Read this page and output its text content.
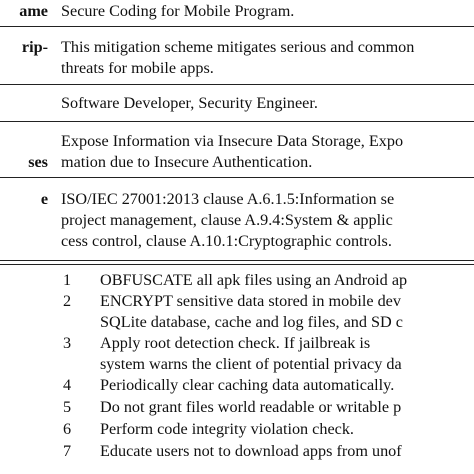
ame Secure Coding for Mobile Program.
rip- This mitigation scheme mitigates serious and common
threats for mobile apps.
Software Developer, Security Engineer.
ses
Expose Information via Insecure Data Storage, Expo
mation due to Insecure Authentication.
e ISO/IEC 27001:2013 clause A.6.1.5:Information se
project management, clause A.9.4:System & applic
cess control, clause A.10.1:Cryptographic controls.
1 OBFUSCATE all apk files using an Android ap
2 ENCRYPT sensitive data stored in mobile dev
SQLite database, cache and log files, and SD c
3 Apply root detection check. If jailbreak is
system warns the client of potential privacy da
4 Periodically clear caching data automatically.
5 Do not grant files world readable or writable p
6 Perform code integrity violation check.
7 Educate users not to download apps from unof
